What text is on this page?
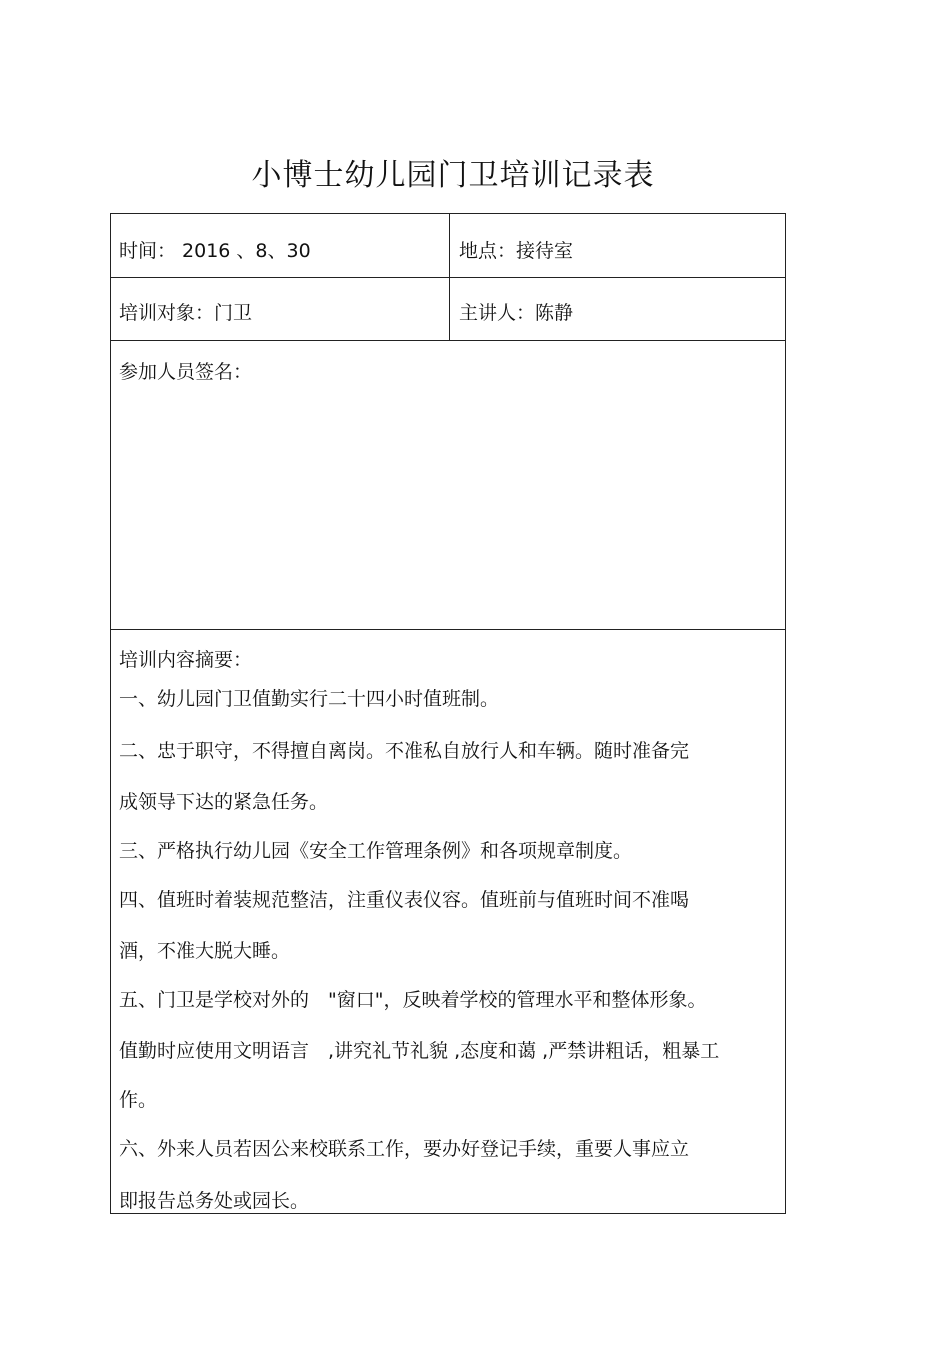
小博士幼儿园门卫培训记录表
时间： 2016 、8、30	地点：接待室
培训对象：门卫	主讲人：陈静
参加人员签名：
培训内容摘要：
一、幼儿园门卫值勤实行二十四小时值班制。
二、忠于职守，不得擅自离岗。不准私自放行人和车辆。随时准备完
成领导下达的紧急任务。
三、严格执行幼儿园《安全工作管理条例》和各项规章制度。
四、值班时着装规范整洁，注重仪表仪容。值班前与值班时间不准喝
酒，不准大脱大睡。
五、门卫是学校对外的　"窗口"，反映着学校的管理水平和整体形象。
值勤时应使用文明语言　,讲究礼节礼貌 ,态度和蔼 ,严禁讲粗话，粗暴工
作。
六、外来人员若因公来校联系工作，要办好登记手续，重要人事应立
即报告总务处或园长。
